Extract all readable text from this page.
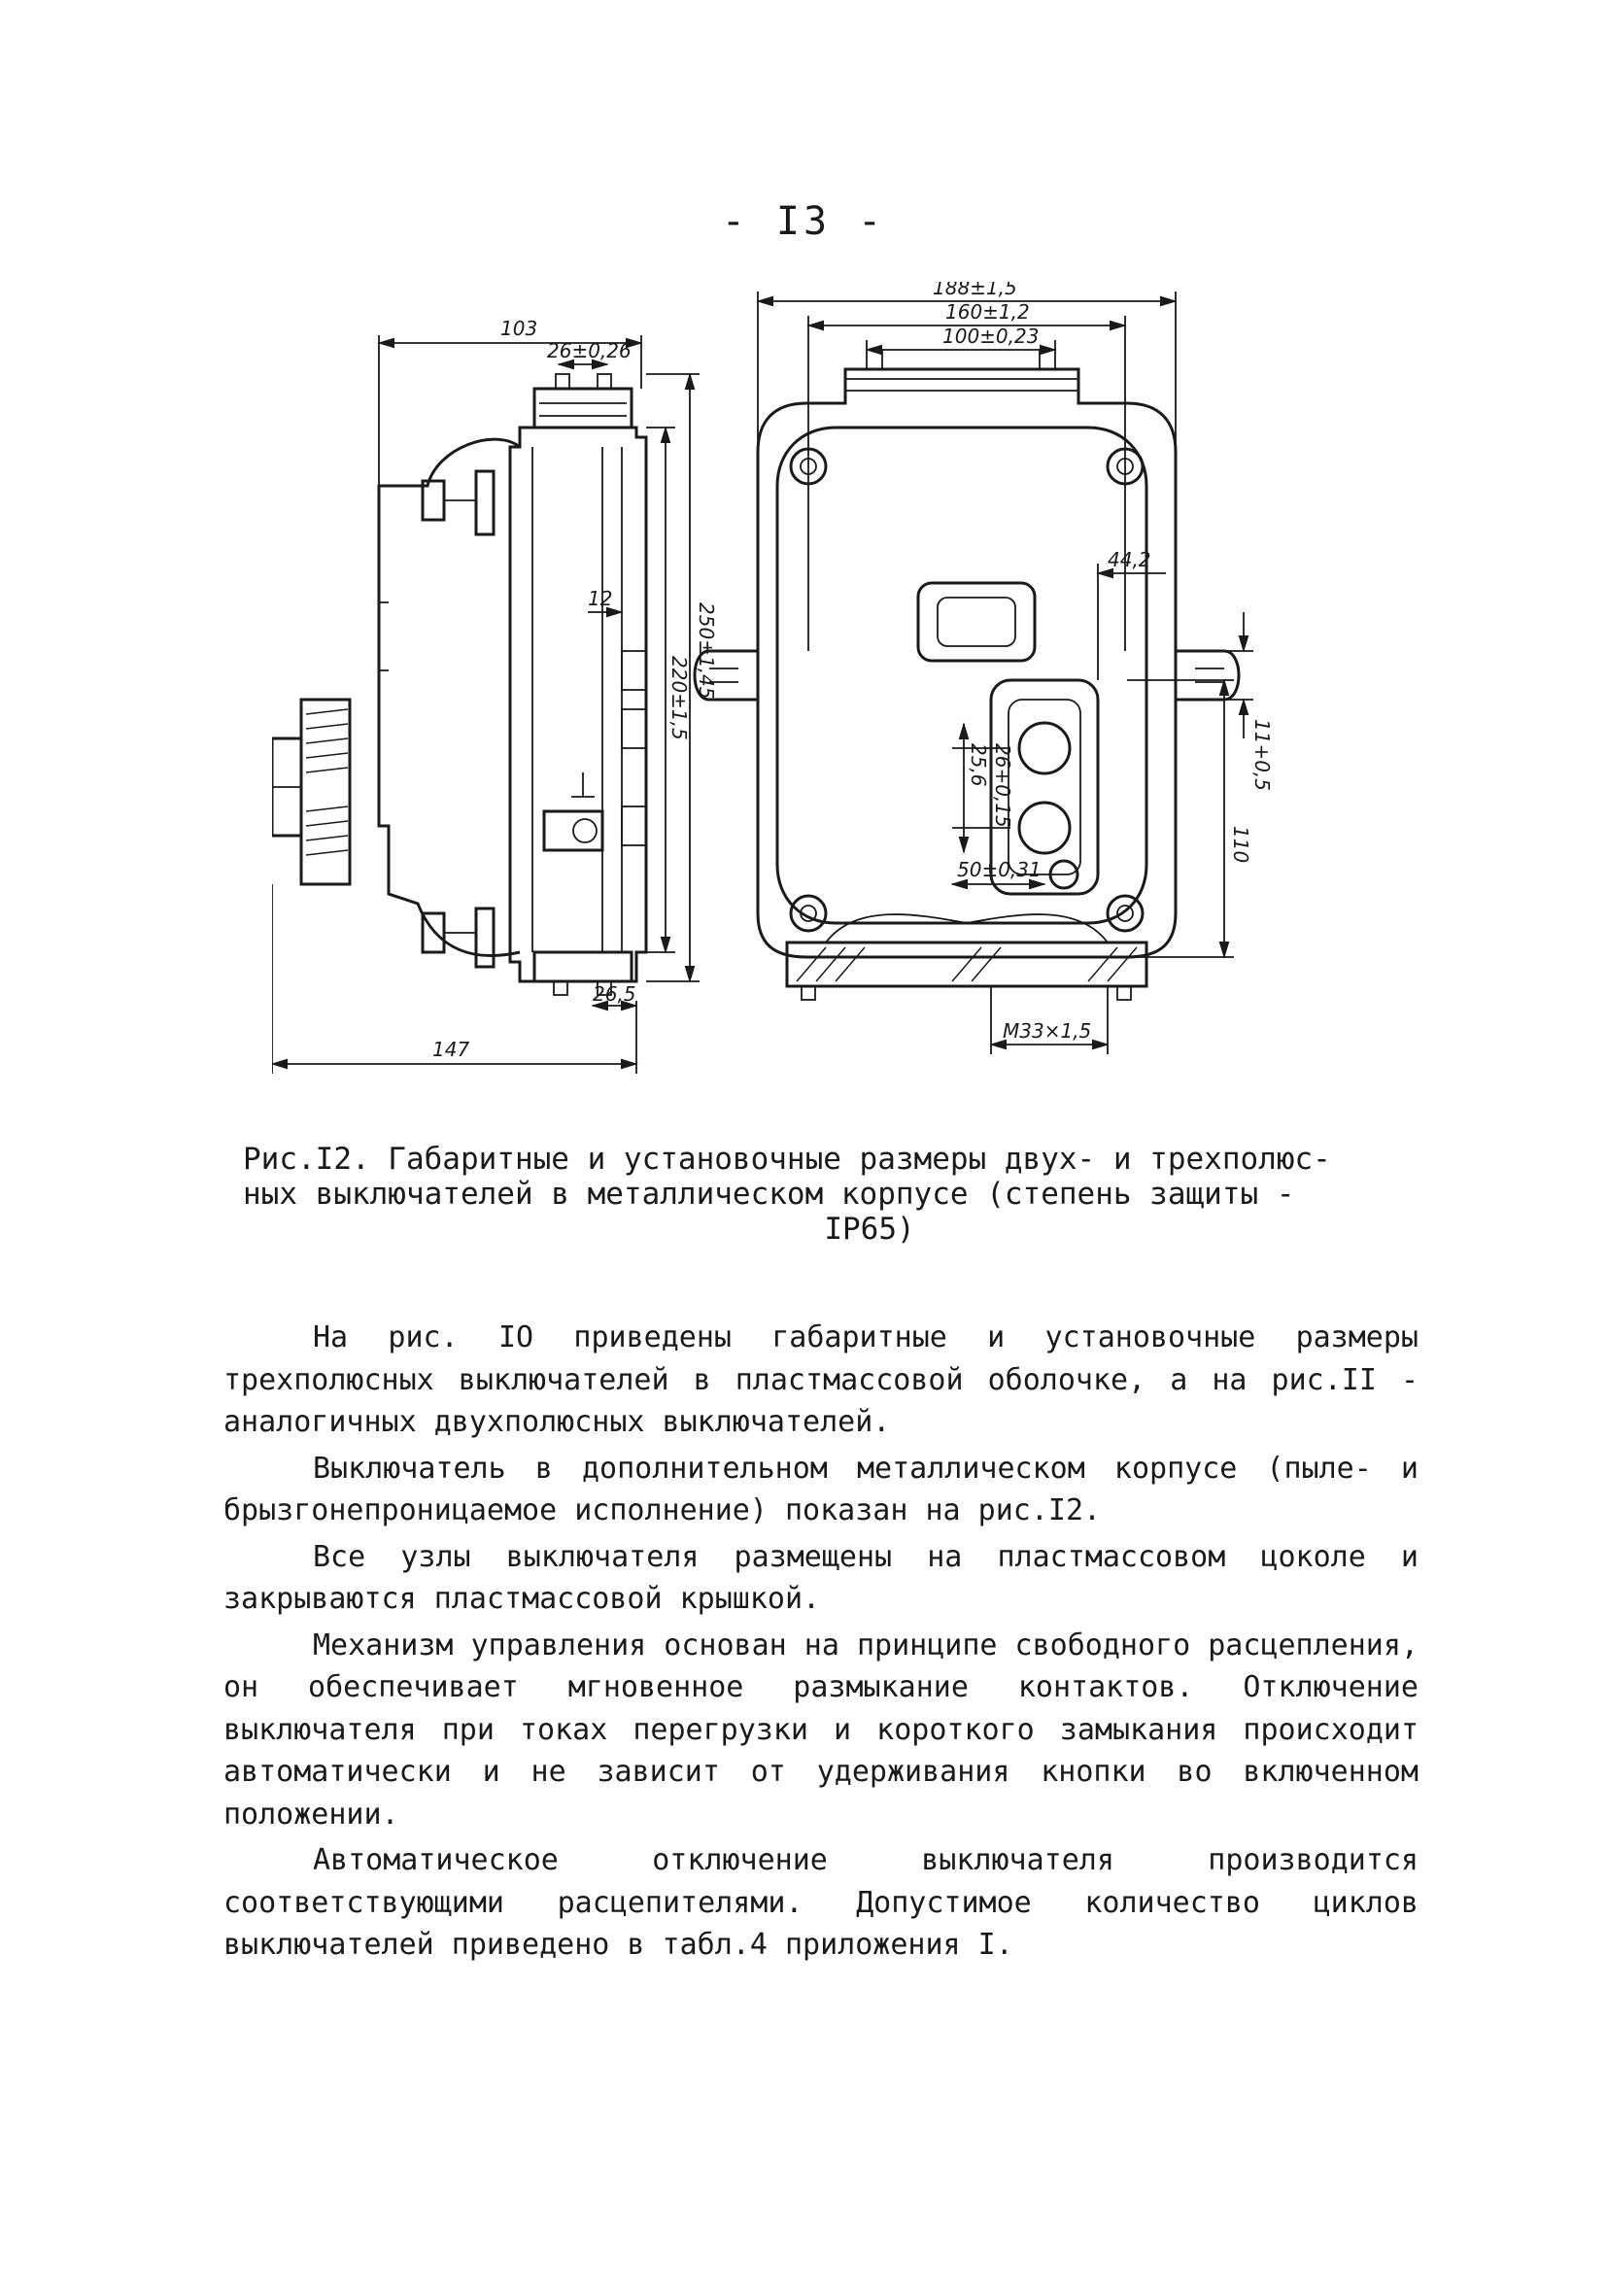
- I3 -
103
26±0,26
12
250±1,45
220±1,5
26,5
147
188±1,5
160±1,2
100±0,23
44,2
11+0,5
25,6 26+0,15
50±0,31
110
M33×1,5
Рис.I2. Габаритные и установочные размеры двух- и трехполюс-
ных выключателей в металлическом корпусе (степень защиты -
IP65)

На рис. IO приведены габаритные и установочные размеры трехполюсных выключателей в пластмассовой оболочке, а на рис.II - аналогичных двухполюсных выключателей.

Выключатель в дополнительном металлическом корпусе (пыле- и брызгонепроницаемое исполнение) показан на рис.I2.

Все узлы выключателя размещены на пластмассовом цоколе и закрываются пластмассовой крышкой.

Механизм управления основан на принципе свободного расцепления, он обеспечивает мгновенное размыкание контактов. Отключение выключателя при токах перегрузки и короткого замыкания происходит автоматически и не зависит от удерживания кнопки во включенном положении.

Автоматическое отключение выключателя производится соответствующими расцепителями. Допустимое количество циклов выключателей приведено в табл.4 приложения I.
